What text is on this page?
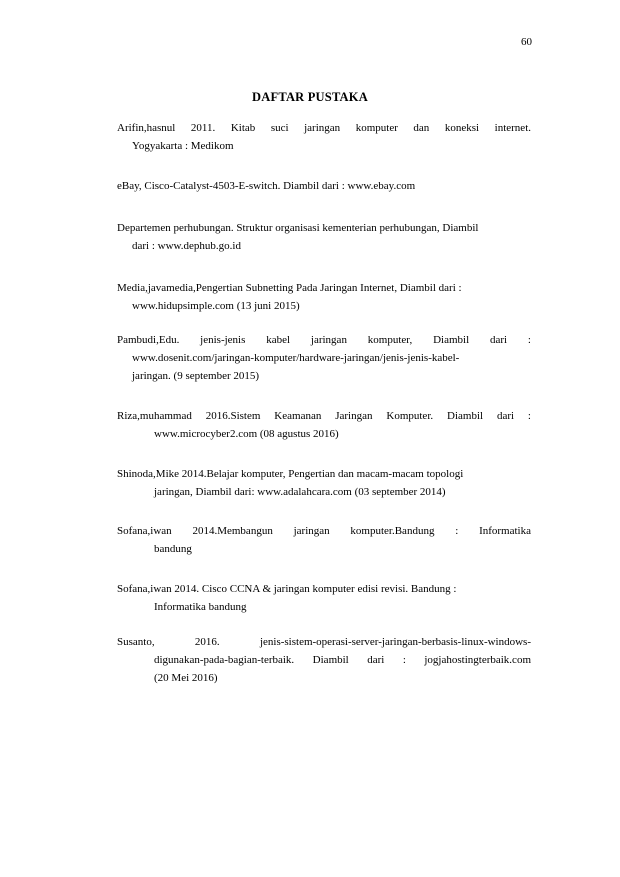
60
DAFTAR PUSTAKA
Arifin,hasnul 2011. Kitab suci jaringan komputer dan koneksi internet.
Yogyakarta : Medikom
eBay, Cisco-Catalyst-4503-E-switch. Diambil dari : www.ebay.com
Departemen perhubungan. Struktur organisasi kementerian perhubungan, Diambil
dari : www.dephub.go.id
Media,javamedia,Pengertian Subnetting Pada Jaringan Internet, Diambil dari :
www.hidupsimple.com (13 juni 2015)
Pambudi,Edu. jenis-jenis kabel jaringan komputer, Diambil dari :
www.dosenit.com/jaringan-komputer/hardware-jaringan/jenis-jenis-kabel-
jaringan. (9 september 2015)
Riza,muhammad 2016.Sistem Keamanan Jaringan Komputer. Diambil dari :
www.microcyber2.com (08 agustus 2016)
Shinoda,Mike 2014.Belajar komputer, Pengertian dan macam-macam topologi
jaringan, Diambil dari: www.adalahcara.com (03 september 2014)
Sofana,iwan 2014.Membangun jaringan komputer.Bandung : Informatika
bandung
Sofana,iwan 2014. Cisco CCNA & jaringan komputer edisi revisi. Bandung :
Informatika bandung
Susanto, 2016. jenis-sistem-operasi-server-jaringan-berbasis-linux-windows-
digunakan-pada-bagian-terbaik. Diambil dari : jogjahostingterbaik.com
(20 Mei 2016)
